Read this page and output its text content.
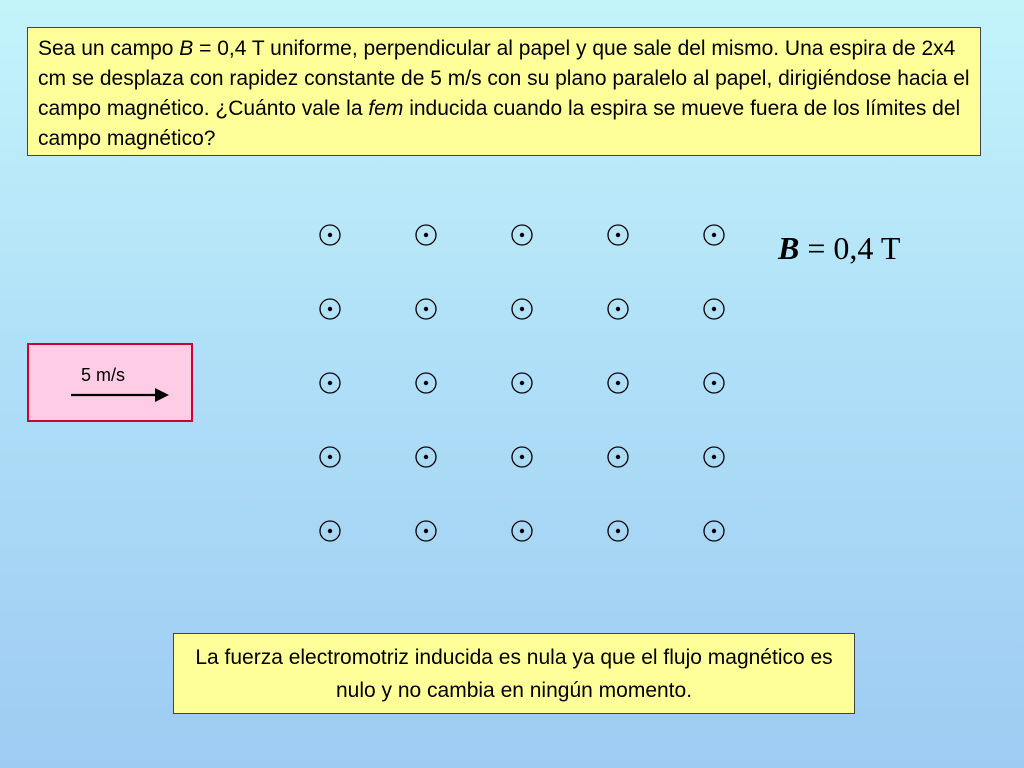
Sea un campo B = 0,4 T uniforme, perpendicular al papel y que sale del mismo. Una espira de 2x4 cm se desplaza con rapidez constante de 5 m/s con su plano paralelo al papel, dirigiéndose hacia el campo magnético. ¿Cuánto vale la fem inducida cuando la espira se mueve fuera de los límites del campo magnético?

B = 0,4 T
5 m/s

La fuerza electromotriz inducida es nula ya que el flujo magnético es nulo y no cambia en ningún momento.
